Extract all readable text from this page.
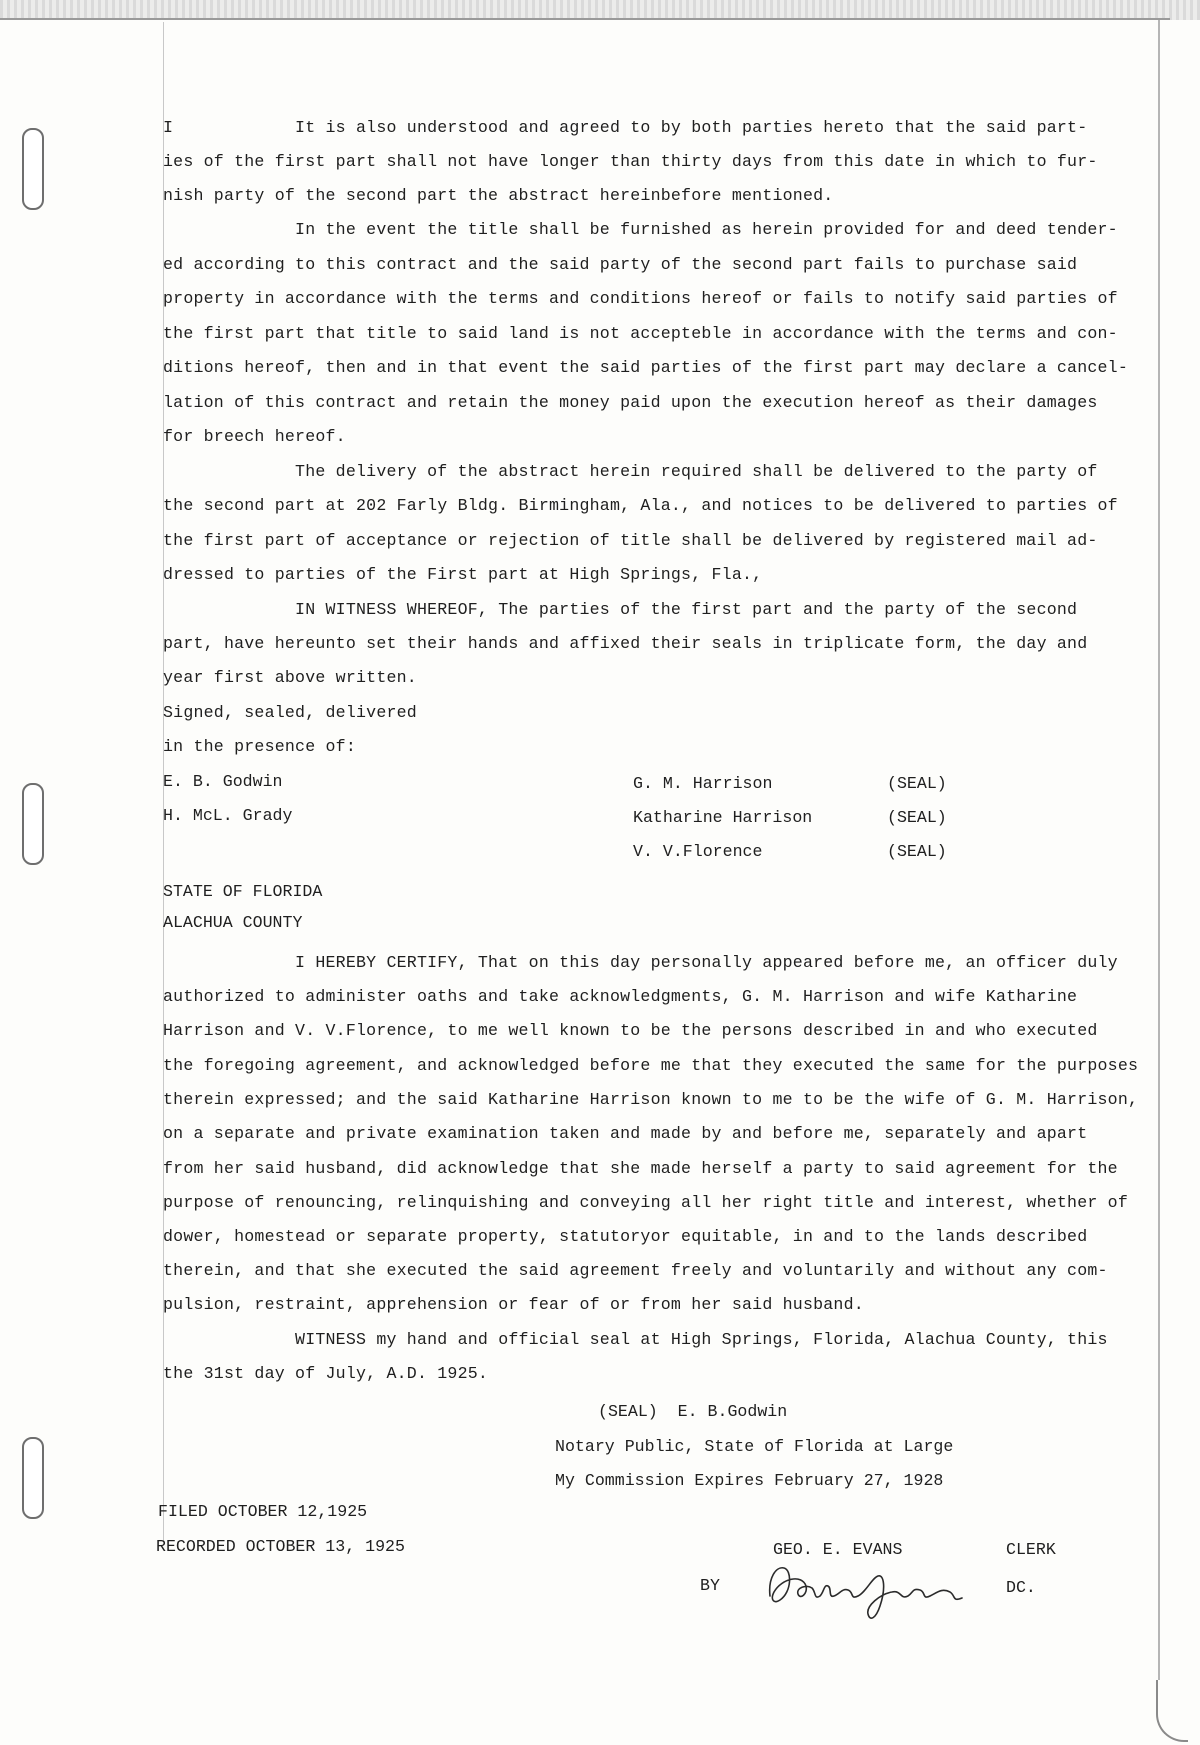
I            It is also understood and agreed to by both parties hereto that the said part-
ies of the first part shall not have longer than thirty days from this date in which to fur-
nish party of the second part the abstract hereinbefore mentioned.
In the event the title shall be furnished as herein provided for and deed tender-
ed according to this contract and the said party of the second part fails to purchase said
property in accordance with the terms and conditions hereof or fails to notify said parties of
the first part that title to said land is not accepteble in accordance with the terms and con-
ditions hereof, then and in that event the said parties of the first part may declare a cancel-
lation of this contract and retain the money paid upon the execution hereof as their damages
for breech hereof.
The delivery of the abstract herein required shall be delivered to the party of
the second part at 202 Farly Bldg. Birmingham, Ala., and notices to be delivered to parties of
the first part of acceptance or rejection of title shall be delivered by registered mail ad-
dressed to parties of the First part at High Springs, Fla.,
IN WITNESS WHEREOF, The parties of the first part and the party of the second
part, have hereunto set their hands and affixed their seals in triplicate form, the day and
year first above written.
Signed, sealed, delivered
in the presence of:
E. B. Godwin
H. McL. Grady
G. M. Harrison	(SEAL)
Katharine Harrison	(SEAL)
V. V.Florence	(SEAL)
STATE OF FLORIDA
ALACHUA COUNTY
I HEREBY CERTIFY, That on this day personally appeared before me, an officer duly
authorized to administer oaths and take acknowledgments, G. M. Harrison and wife Katharine
Harrison and V. V.Florence, to me well known to be the persons described in and who executed
the foregoing agreement, and acknowledged before me that they executed the same for the purposes
therein expressed; and the said Katharine Harrison known to me to be the wife of G. M. Harrison,
on a separate and private examination taken and made by and before me, separately and apart
from her said husband, did acknowledge that she made herself a party to said agreement for the
purpose of renouncing, relinquishing and conveying all her right title and interest, whether of
dower, homestead or separate property, statutoryor equitable, in and to the lands described
therein, and that she executed the said agreement freely and voluntarily and without any com-
pulsion, restraint, apprehension or fear of or from her said husband.
WITNESS my hand and official seal at High Springs, Florida, Alachua County, this
the 31st day of July, A.D. 1925.
(SEAL)  E. B.Godwin
Notary Public, State of Florida at Large
My Commission Expires February 27, 1928
FILED OCTOBER 12,1925
RECORDED OCTOBER 13, 1925	GEO. E. EVANS	CLERK
BY	DC.
